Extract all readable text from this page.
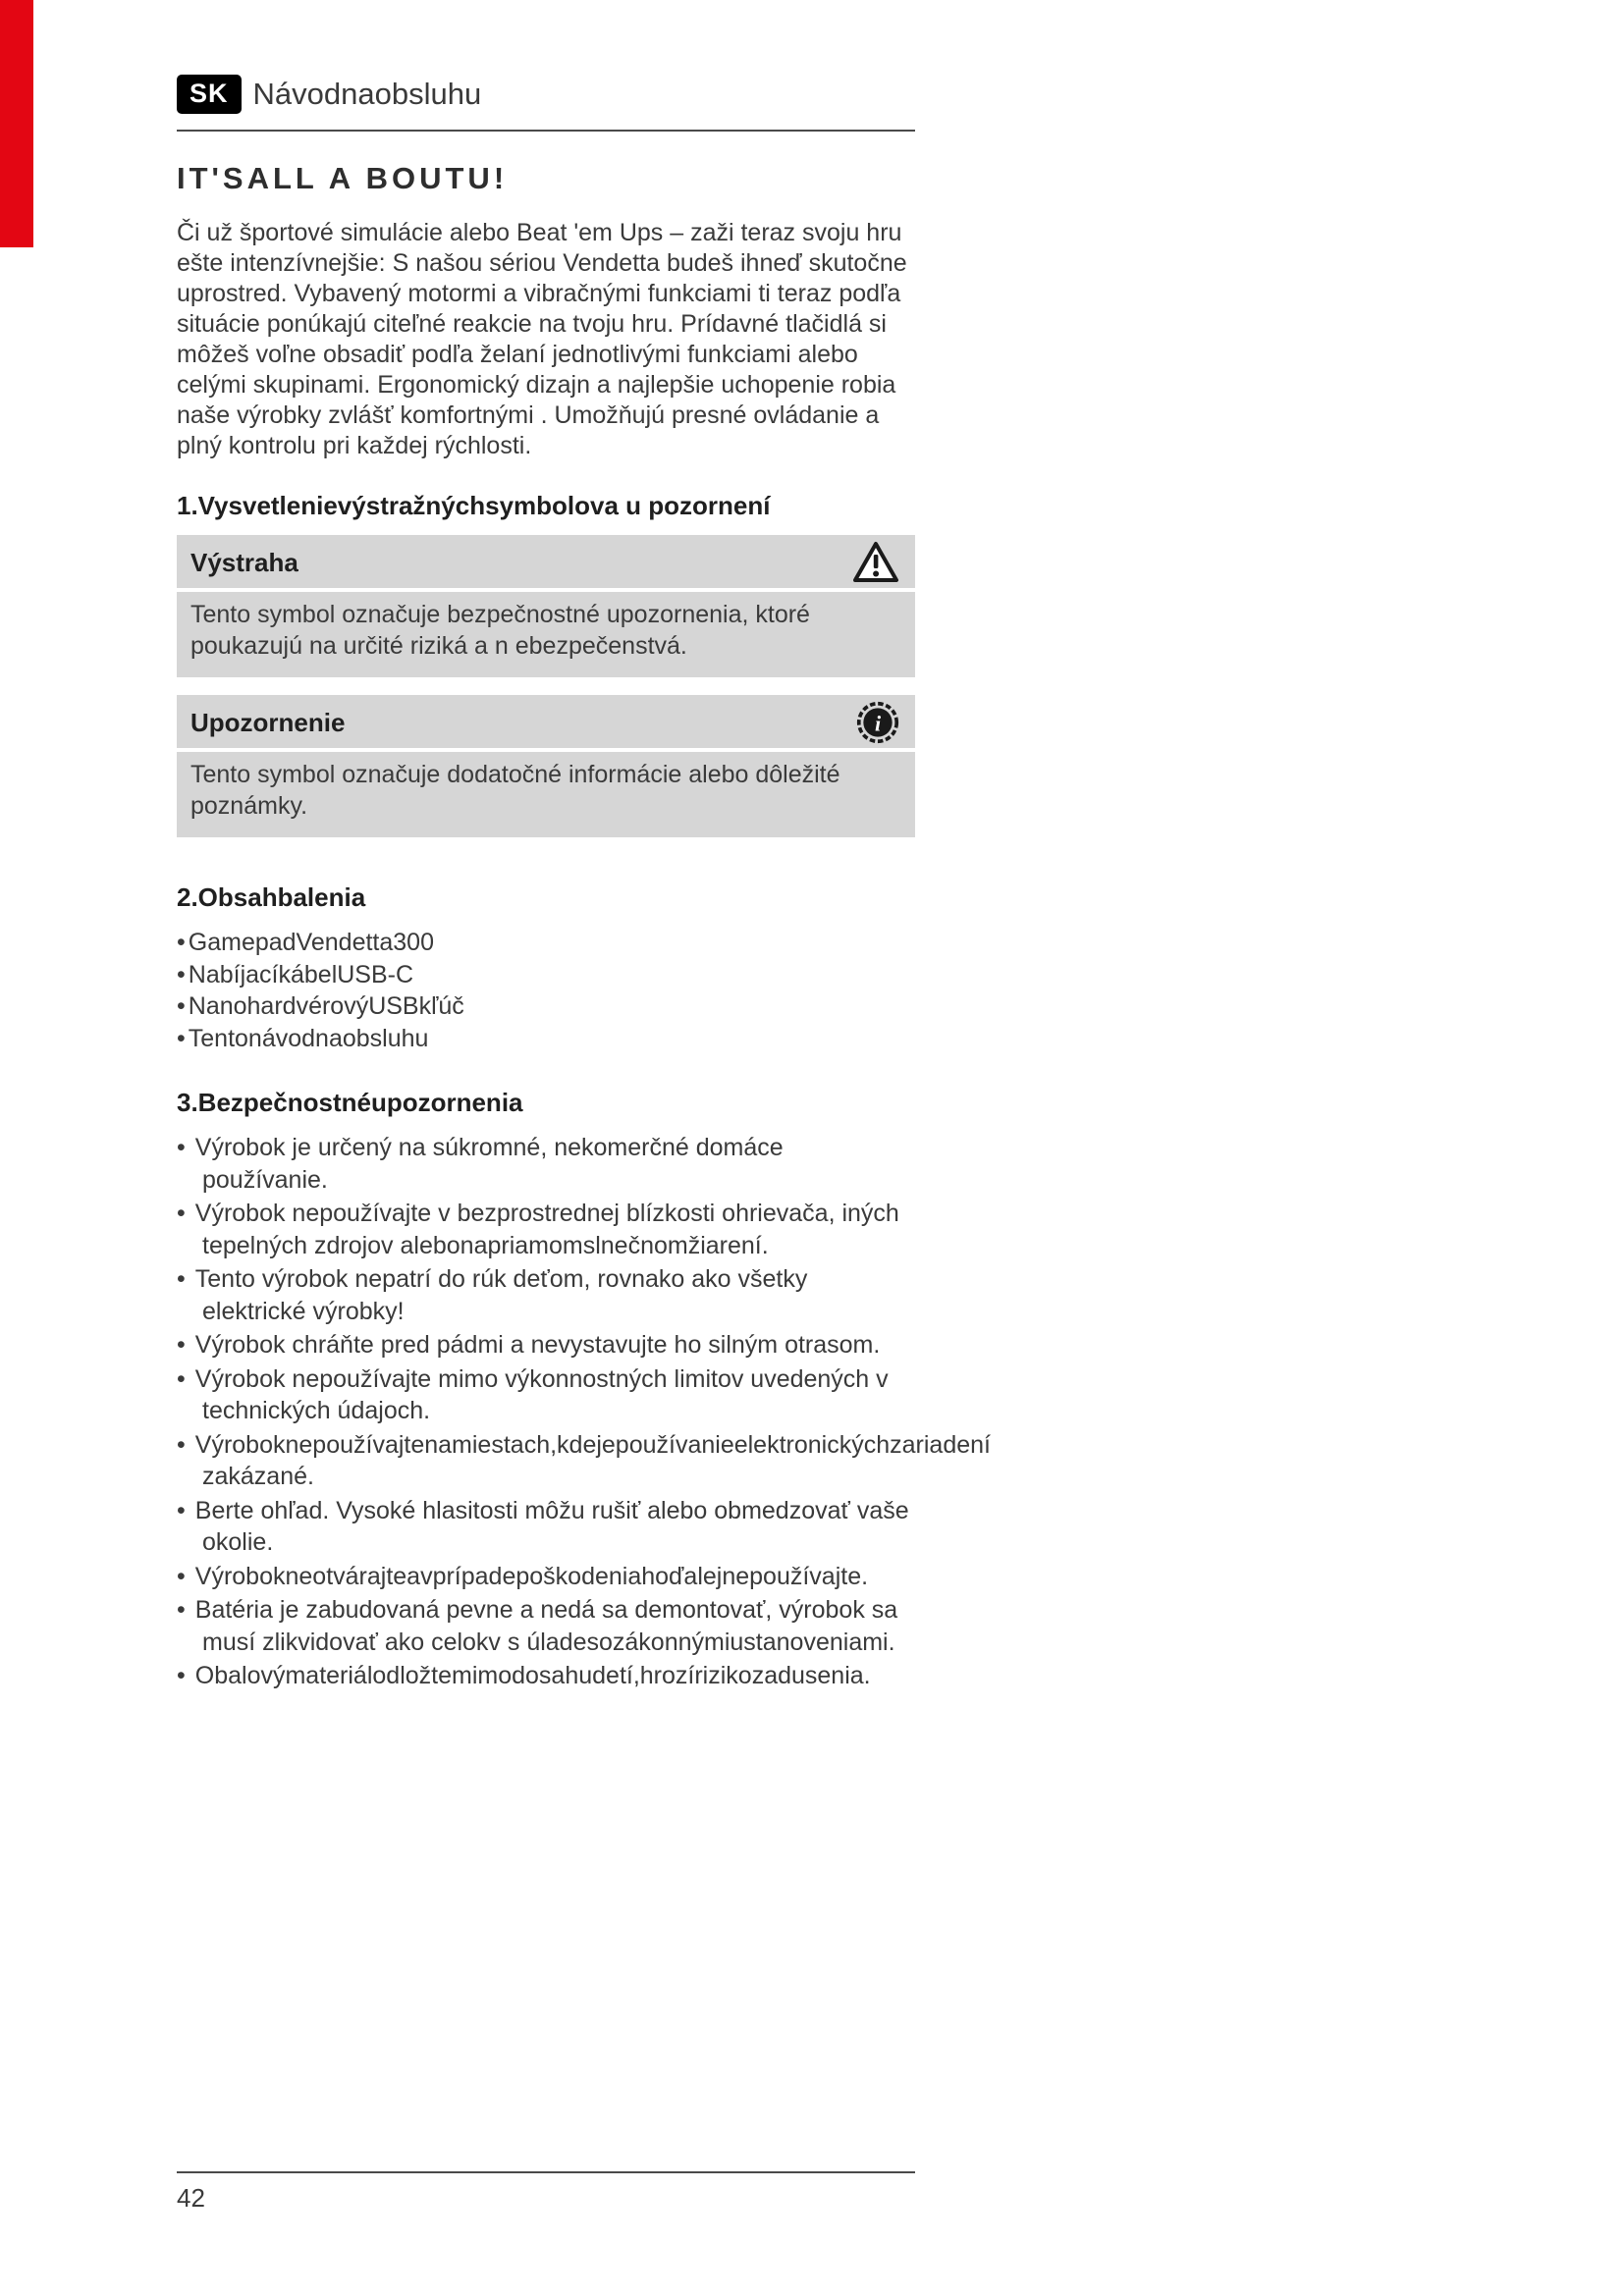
SK Návodnaobsluhu
IT'SALL A BOUTU!

Či už športové simulácie alebo Beat 'em Ups – zaži teraz svoju hru ešte intenzívnejšie: S našou sériou Vendetta budeš ihneď skutočne uprostred. Vybavený motormi a vibračnými funkciami ti teraz podľa situácie ponúkajú citeľné reakcie na tvoju hru. Prídavné tlačidlá si môžeš voľne obsadiť podľa želaní jednotlivými funkciami alebo celými skupinami. Ergonomický dizajn a najlepšie uchopenie robia naše výrobky zvlášť komfortnými . Umožňujú presné ovládanie a plný kontrolu pri každej rýchlosti.

1.Vysvetlenievýstražnýchsymbolova u pozornení
Výstraha
Tento symbol označuje bezpečnostné upozornenia, ktoré poukazujú na určité riziká a n ebezpečenstvá.
Upozornenie	i
Tento symbol označuje dodatočné informácie alebo dôležité poznámky.
2.Obsahbalenia
• GamepadVendetta300
• NabíjacíkábelUSB-C
• NanohardvérovýUSBkľúč
• Tentonávodnaobsluhu
3.Bezpečnostnéupozornenia
• Výrobok je určený na súkromné, nekomerčné domáce používanie.
• Výrobok nepoužívajte v bezprostrednej blízkosti ohrievača, iných tepelných zdrojov alebonapriamomslnečnomžiarení.
• Tento výrobok nepatrí do rúk deťom, rovnako ako všetky elektrické výrobky!
• Výrobok chráňte pred pádmi a nevystavujte ho silným otrasom.
• Výrobok nepoužívajte mimo výkonnostných limitov uvedených v technických údajoch.
• Výroboknepoužívajtenamiestach,kdejepoužívanieelektronickýchzariadení zakázané.
• Berte ohľad. Vysoké hlasitosti môžu rušiť alebo obmedzovať vaše okolie.
• Výrobokneotvárajteavprípadepoškodeniahoďalejnepoužívajte.
• Batéria je zabudovaná pevne a nedá sa demontovať, výrobok sa musí zlikvidovať ako celokv s úladesozákonnýmiustanoveniami.
• Obalovýmateriálodložtemimodosahudetí,hrozírizikozadusenia.
42
